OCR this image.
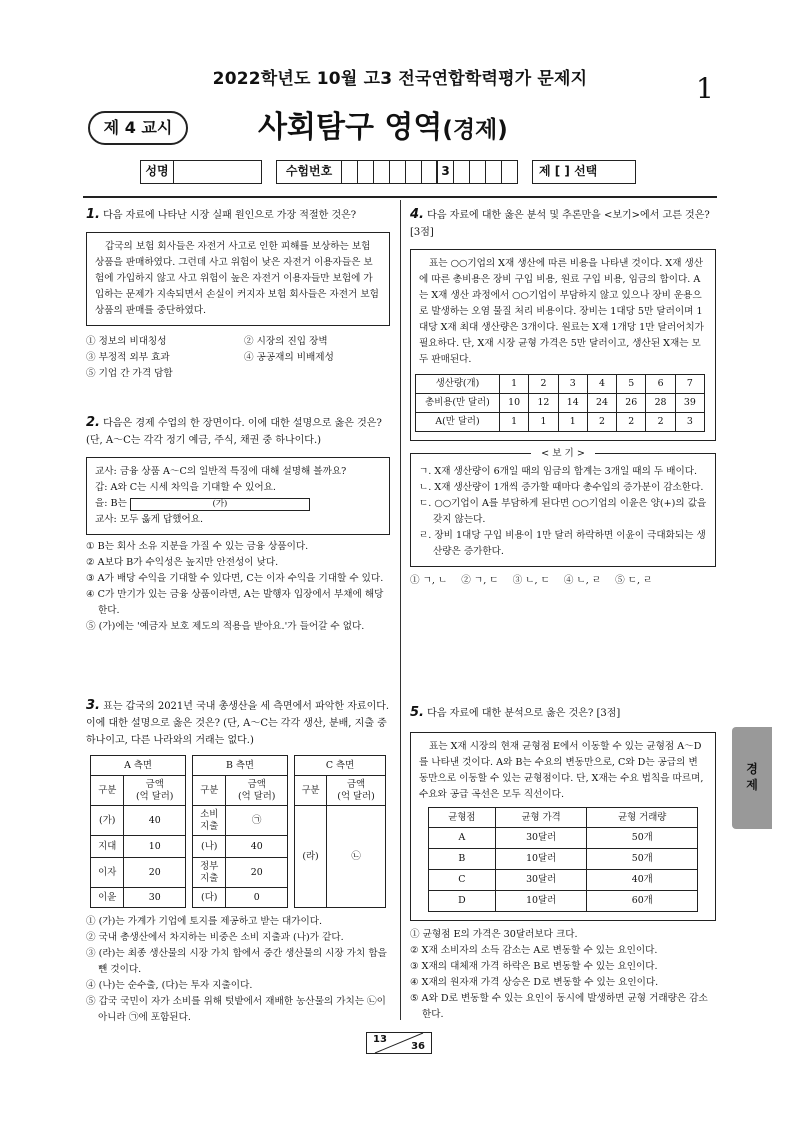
2022학년도 10월 고3 전국연합학력평가 문제지	1
제 4 교시	사회탐구 영역(경제)
성명	수험번호	3	제 [ ] 선택
1. 다음 자료에 나타난 시장 실패 원인으로 가장 적절한 것은?
갑국의 보험 회사들은 자전거 사고로 인한 피해를 보상하는 보험 상품을 판매하였다. 그런데 사고 위험이 낮은 자전거 이용자들은 보험에 가입하지 않고 사고 위험이 높은 자전거 이용자들만 보험에 가입하는 문제가 지속되면서 손실이 커지자 보험 회사들은 자전거 보험 상품의 판매를 중단하였다.
① 정보의 비대칭성	② 시장의 진입 장벽
③ 부정적 외부 효과	④ 공공재의 비배제성
⑤ 기업 간 가격 담합
2. 다음은 경제 수업의 한 장면이다. 이에 대한 설명으로 옳은 것은? (단, A～C는 각각 정기 예금, 주식, 채권 중 하나이다.)
교사: 금융 상품 A～C의 일반적 특징에 대해 설명해 볼까요?
갑: A와 C는 시세 차익을 기대할 수 있어요.
을: B는	(가)
교사: 모두 옳게 답했어요.
① B는 회사 소유 지분을 가질 수 있는 금융 상품이다.
② A보다 B가 수익성은 높지만 안전성이 낮다.
③ A가 배당 수익을 기대할 수 있다면, C는 이자 수익을 기대할 수 있다.
④ C가 만기가 있는 금융 상품이라면, A는 발행자 입장에서 부채에 해당한다.
⑤ (가)에는 '예금자 보호 제도의 적용을 받아요.'가 들어갈 수 없다.
3. 표는 갑국의 2021년 국내 총생산을 세 측면에서 파악한 자료이다. 이에 대한 설명으로 옳은 것은? (단, A～C는 각각 생산, 분배, 지출 중 하나이고, 다른 나라와의 거래는 없다.)
A 측면	
구분	금액
(억 달러)
(가)	40
지대	10
이자	20
이윤	30
B 측면	
구분	금액
(억 달러)
소비
지출	㉠
(나)	40
정부
지출	20
(다)	0
C 측면	
구분	금액
(억 달러)
(라)	㉡
① (가)는 가계가 기업에 토지를 제공하고 받는 대가이다.
② 국내 총생산에서 차지하는 비중은 소비 지출과 (나)가 같다.
③ (라)는 최종 생산물의 시장 가치 합에서 중간 생산물의 시장 가치 합을 뺀 것이다.
④ (나)는 순수출, (다)는 투자 지출이다.
⑤ 갑국 국민이 자가 소비를 위해 텃밭에서 재배한 농산물의 가치는 ㉡이 아니라 ㉠에 포함된다.
4. 다음 자료에 대한 옳은 분석 및 추론만을 <보기>에서 고른 것은? [3점]
표는 ○○기업의 X재 생산에 따른 비용을 나타낸 것이다. X재 생산에 따른 총비용은 장비 구입 비용, 원료 구입 비용, 임금의 합이다. A는 X재 생산 과정에서 ○○기업이 부담하지 않고 있으나 장비 운용으로 발생하는 오염 물질 처리 비용이다. 장비는 1대당 5만 달러이며 1대당 X재 최대 생산량은 3개이다. 원료는 X재 1개당 1만 달러어치가 필요하다. 단, X재 시장 균형 가격은 5만 달러이고, 생산된 X재는 모두 판매된다.
생산량(개)	1	2	3	4	5	6	7
총비용(만 달러)	10	12	14	24	26	28	39
A(만 달러)	1	1	1	2	2	2	3
< 보 기 >
ㄱ. X재 생산량이 6개일 때의 임금의 합계는 3개일 때의 두 배이다.
ㄴ. X재 생산량이 1개씩 증가할 때마다 총수입의 증가분이 감소한다.
ㄷ. ○○기업이 A를 부담하게 된다면 ○○기업의 이윤은 양(+)의 값을 갖지 않는다.
ㄹ. 장비 1대당 구입 비용이 1만 달러 하락하면 이윤이 극대화되는 생산량은 증가한다.
① ㄱ, ㄴ ② ㄱ, ㄷ ③ ㄴ, ㄷ ④ ㄴ, ㄹ ⑤ ㄷ, ㄹ
5. 다음 자료에 대한 분석으로 옳은 것은? [3점]
표는 X재 시장의 현재 균형점 E에서 이동할 수 있는 균형점 A～D를 나타낸 것이다. A와 B는 수요의 변동만으로, C와 D는 공급의 변동만으로 이동할 수 있는 균형점이다. 단, X재는 수요 법칙을 따르며, 수요와 공급 곡선은 모두 직선이다.
균형점	균형 가격	균형 거래량
A	30달러	50개
B	10달러	50개
C	30달러	40개
D	10달러	60개
① 균형점 E의 가격은 30달러보다 크다.
② X재 소비자의 소득 감소는 A로 변동할 수 있는 요인이다.
③ X재의 대체재 가격 하락은 B로 변동할 수 있는 요인이다.
④ X재의 원자재 가격 상승은 D로 변동할 수 있는 요인이다.
⑤ A와 D로 변동할 수 있는 요인이 동시에 발생하면 균형 거래량은 감소한다.
경
제
13
36
